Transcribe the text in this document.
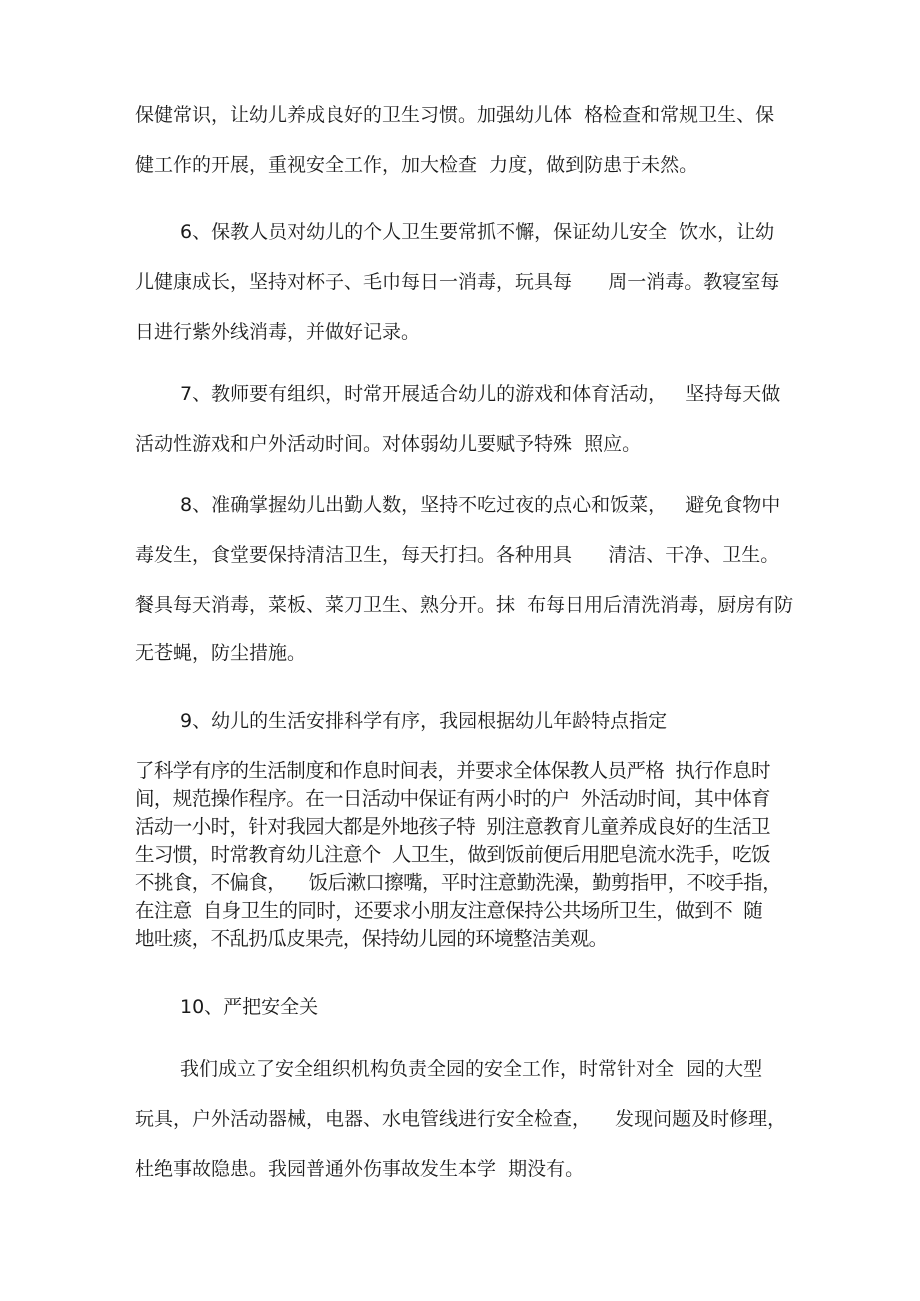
保健常识，让幼儿养成良好的卫生习惯。加强幼儿体  格检查和常规卫生、保
健工作的开展，重视安全工作，加大检查  力度，做到防患于未然。
6、保教人员对幼儿的个人卫生要常抓不懈，保证幼儿安全  饮水，让幼
儿健康成长，坚持对杯子、毛巾每日一消毒，玩具每      周一消毒。教寝室每
日进行紫外线消毒，并做好记录。
7、教师要有组织，时常开展适合幼儿的游戏和体育活动，   坚持每天做
活动性游戏和户外活动时间。对体弱幼儿要赋予特殊  照应。
8、准确掌握幼儿出勤人数，坚持不吃过夜的点心和饭菜，   避免食物中
毒发生，食堂要保持清洁卫生，每天打扫。各种用具      清洁、干净、卫生。
餐具每天消毒，菜板、菜刀卫生、熟分开。抹  布每日用后清洗消毒，厨房有防
无苍蝇，防尘措施。
9、幼儿的生活安排科学有序，我园根据幼儿年龄特点指定
了科学有序的生活制度和作息时间表，并要求全体保教人员严格  执行作息时
间，规范操作程序。在一日活动中保证有两小时的户  外活动时间，其中体育
活动一小时，针对我园大都是外地孩子特  别注意教育儿童养成良好的生活卫
生习惯，时常教育幼儿注意个  人卫生，做到饭前便后用肥皂流水洗手，吃饭
不挑食，不偏食，    饭后漱口擦嘴，平时注意勤洗澡，勤剪指甲，不咬手指，
在注意  自身卫生的同时，还要求小朋友注意保持公共场所卫生，做到不  随
地吐痰，不乱扔瓜皮果壳，保持幼儿园的环境整洁美观。
10、严把安全关
我们成立了安全组织机构负责全园的安全工作，时常针对全  园的大型
玩具，户外活动器械，电器、水电管线进行安全检查，    发现问题及时修理，
杜绝事故隐患。我园普通外伤事故发生本学  期没有。
